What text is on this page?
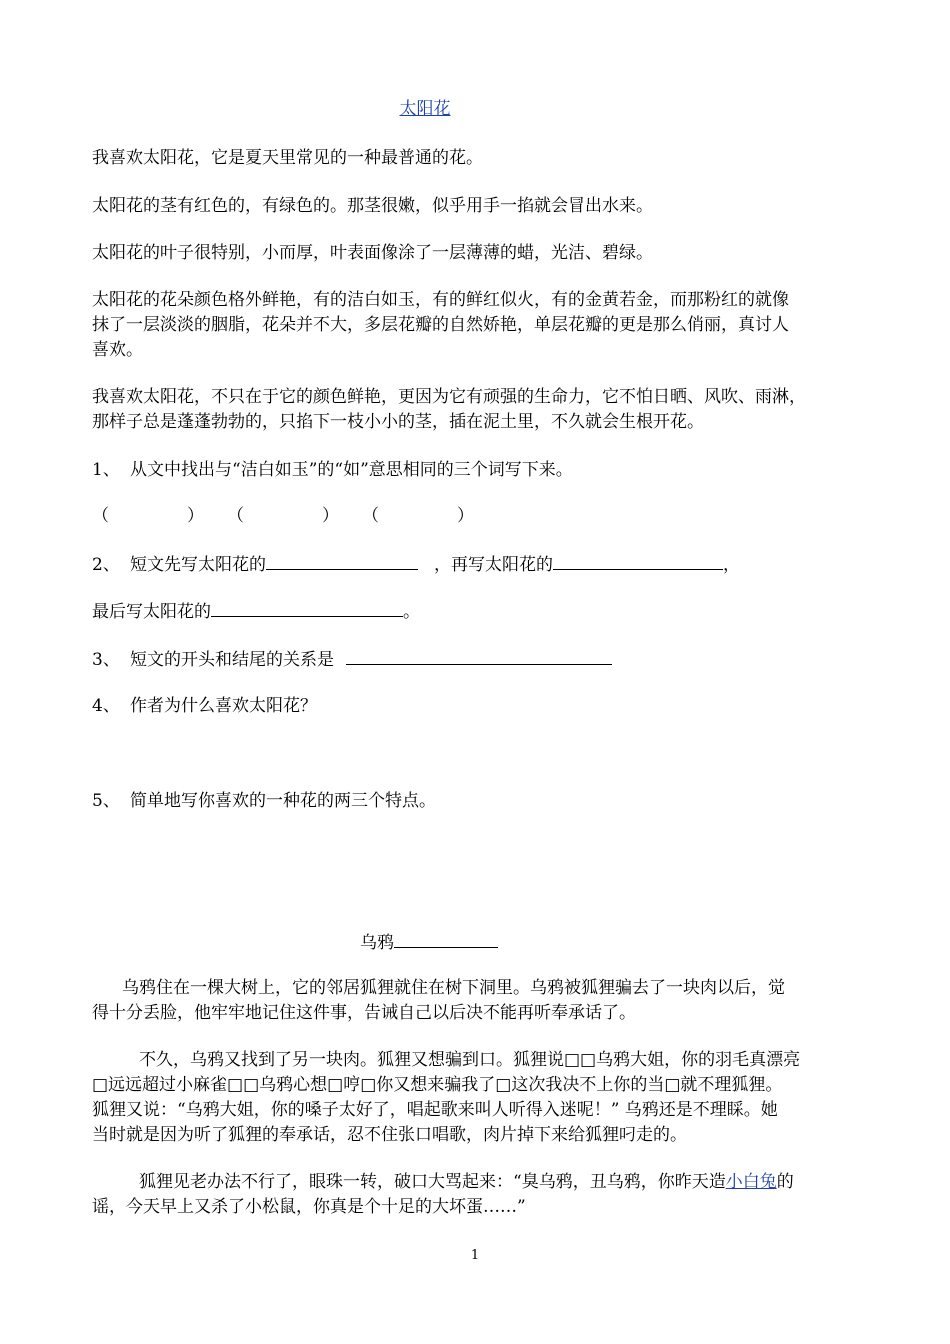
太阳花
我喜欢太阳花，它是夏天里常见的一种最普通的花。
太阳花的茎有红色的，有绿色的。那茎很嫩，似乎用手一掐就会冒出水来。
太阳花的叶子很特别，小而厚，叶表面像涂了一层薄薄的蜡，光洁、碧绿。
太阳花的花朵颜色格外鲜艳，有的洁白如玉，有的鲜红似火，有的金黄若金，而那粉红的就像
抹了一层淡淡的胭脂，花朵并不大，多层花瓣的自然娇艳，单层花瓣的更是那么俏丽，真讨人
喜欢。
我喜欢太阳花，不只在于它的颜色鲜艳，更因为它有顽强的生命力，它不怕日晒、风吹、雨淋，
那样子总是蓬蓬勃勃的，只掐下一枝小小的茎，插在泥土里，不久就会生根开花。
1、 从文中找出与“洁白如玉”的“如”意思相同的三个词写下来。
（	） （	） （	）
2、 短文先写太阳花的	，再写太阳花的	，
最后写太阳花的	。
3、 短文的开头和结尾的关系是
4、 作者为什么喜欢太阳花？
5、 简单地写你喜欢的一种花的两三个特点。
乌鸦
乌鸦住在一棵大树上，它的邻居狐狸就住在树下洞里。乌鸦被狐狸骗去了一块肉以后，觉
得十分丢脸，他牢牢地记住这件事，告诫自己以后决不能再听奉承话了。
不久，乌鸦又找到了另一块肉。狐狸又想骗到口。狐狸说□□乌鸦大姐，你的羽毛真漂亮
□远远超过小麻雀□□乌鸦心想□哼□你又想来骗我了□这次我决不上你的当□就不理狐狸。
狐狸又说：“乌鸦大姐，你的嗓子太好了，唱起歌来叫人听得入迷呢！” 乌鸦还是不理睬。她
当时就是因为听了狐狸的奉承话，忍不住张口唱歌，肉片掉下来给狐狸叼走的。
狐狸见老办法不行了，眼珠一转，破口大骂起来：“臭乌鸦，丑乌鸦，你昨天造小白兔的
谣，今天早上又杀了小松鼠，你真是个十足的大坏蛋……”
1
